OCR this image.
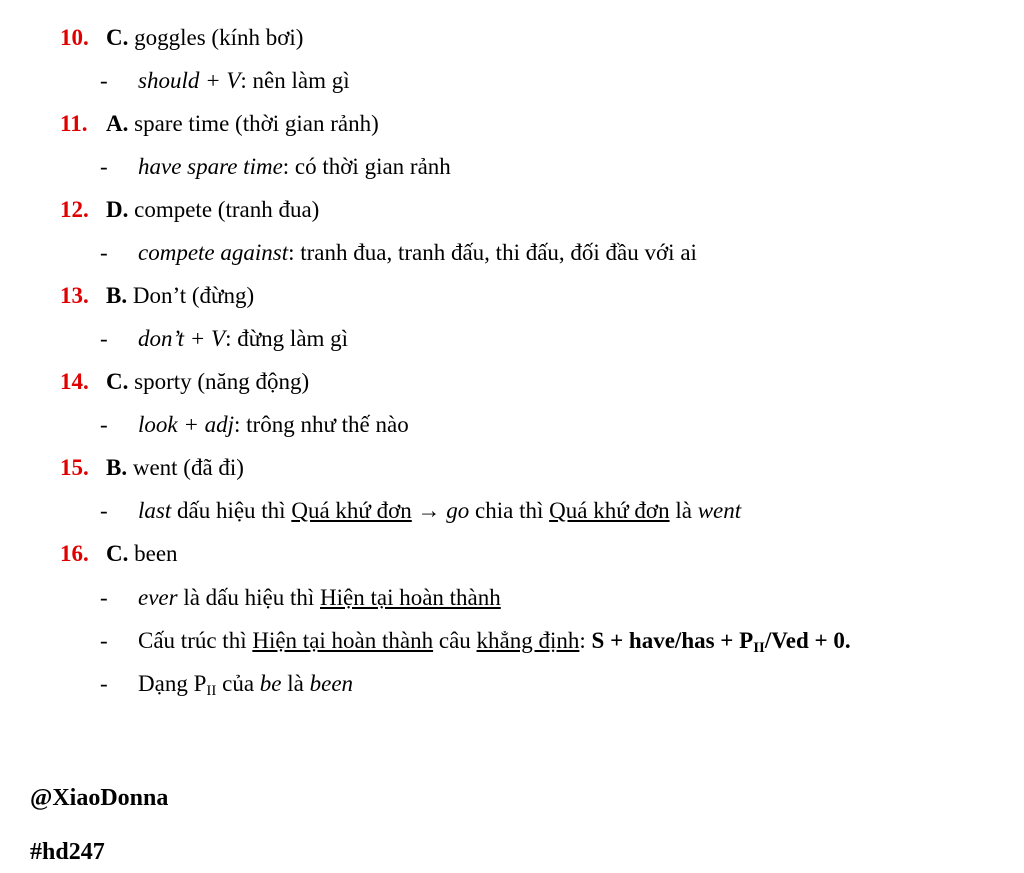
10. C. goggles (kính bơi)
- should + V: nên làm gì
11. A. spare time (thời gian rảnh)
- have spare time: có thời gian rảnh
12. D. compete (tranh đua)
- compete against: tranh đua, tranh đấu, thi đấu, đối đầu với ai
13. B. Don’t (đừng)
- don’t + V: đừng làm gì
14. C. sporty (năng động)
- look + adj: trông như thế nào
15. B. went (đã đi)
- last dấu hiệu thì Quá khứ đơn → go chia thì Quá khứ đơn là went
16. C. been
- ever là dấu hiệu thì Hiện tại hoàn thành
- Cấu trúc thì Hiện tại hoàn thành câu khẳng định: S + have/has + $P_{II}$/Ved + 0.
- Dạng $P_{II}$ của be là been
@XiaoDonna
#hd247
